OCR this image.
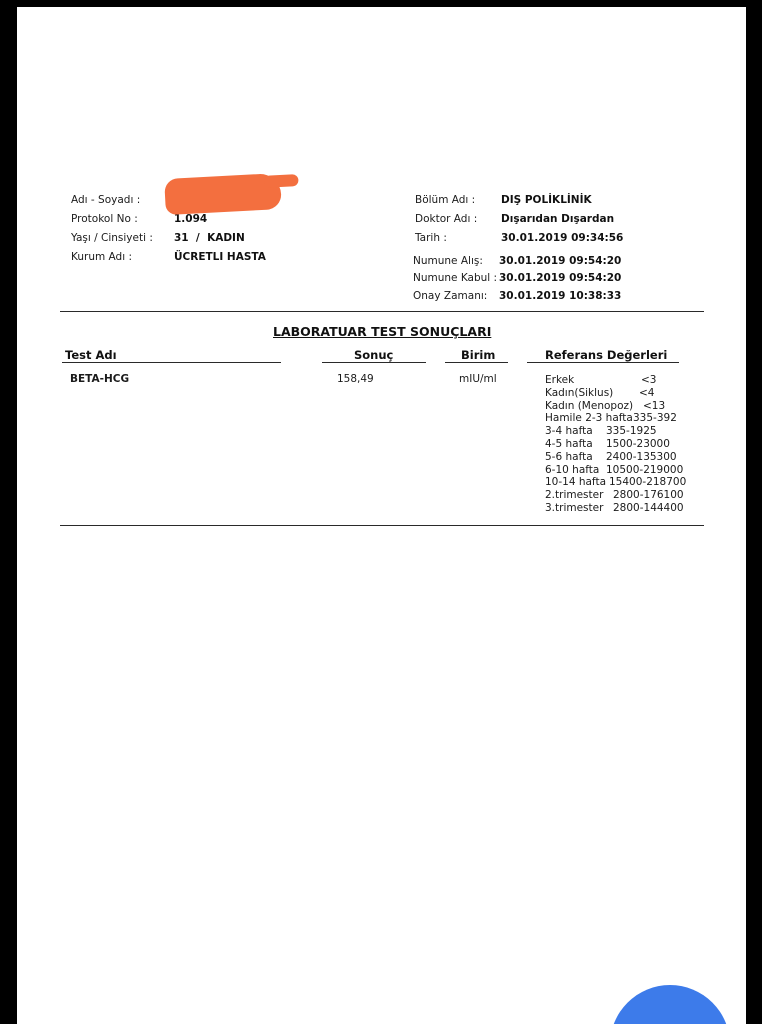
Adı - Soyadı :
Protokol No :	1.094
Yaşı / Cinsiyeti : 31  /  KADIN
Kurum Adı :	ÜCRETLI HASTA
Bölüm Adı : DIŞ POLİKLİNİK
Doktor Adı : Dışarıdan Dışardan
Tarih :	30.01.2019 09:34:56
Numune Alış: 30.01.2019 09:54:20
Numune Kabul : 30.01.2019 09:54:20
Onay Zamanı: 30.01.2019 10:38:33
LABORATUAR TEST SONUÇLARI
Test Adı	Sonuç	Birim	Referans Değerleri
BETA-HCG	158,49	mIU/ml	Erkek	<3
Kadın(Siklus) <4
Kadın (Menopoz) <13
Hamile 2-3 hafta 335-392
3-4 hafta 335-1925
4-5 hafta 1500-23000
5-6 hafta 2400-135300
6-10 hafta 10500-219000
10-14 hafta 15400-218700
2.trimester 2800-176100
3.trimester 2800-144400
